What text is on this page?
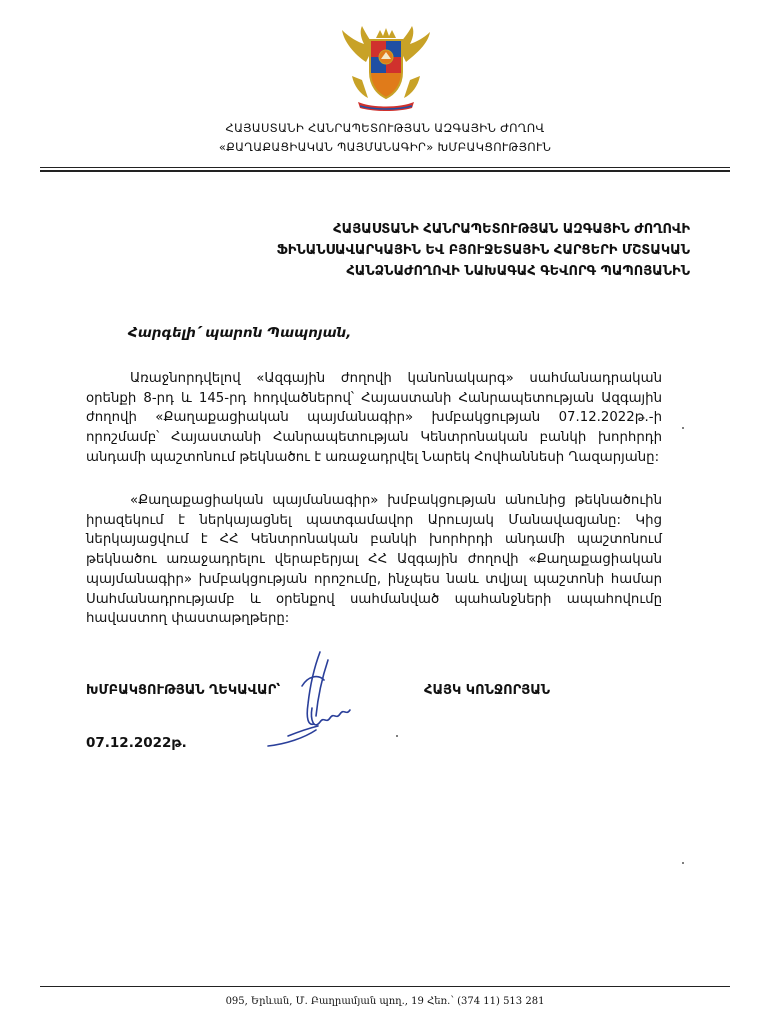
ՀԱՅԱՍՏԱՆԻ ՀԱՆՐԱՊԵՏՈՒԹՅԱՆ ԱԶԳԱՅԻՆ ԺՈՂՈՎ
«ՔԱՂԱՔԱՑԻԱԿԱՆ ՊԱՅՄԱՆԱԳԻՐ» ԽՄԲԱԿՑՈՒԹՅՈՒՆ
ՀԱՅԱՍՏԱՆԻ ՀԱՆՐԱՊԵՏՈՒԹՅԱՆ ԱԶԳԱՅԻՆ ԺՈՂՈՎԻ
ՖԻՆԱՆՍԱՎԱՐԿԱՅԻՆ ԵՎ ԲՅՈՒՋԵՏԱՅԻՆ ՀԱՐՑԵՐԻ ՄՇՏԱԿԱՆ
ՀԱՆՁՆԱԺՈՂՈՎԻ ՆԱԽԱԳԱՀ ԳԵՎՈՐԳ ՊԱՊՈՅԱՆԻՆ
Հարգելի՛ պարոն Պապոյան,
Առաջնորդվելով «Ազգային ժողովի կանոնակարգ» սահմանադրական օրենքի 8-րդ և 145-րդ հոդվածներով՝ Հայաստանի Հանրապետության Ազգային ժողովի «Քաղաքացիական պայմանագիր» խմբակցության 07.12.2022թ.-ի որոշմամբ՝ Հայաստանի Հանրապետության Կենտրոնական բանկի խորհրդի անդամի պաշտոնում թեկնածու է առաջադրվել Նարեկ Հովհաննեսի Ղազարյանը:
«Քաղաքացիական պայմանագիր» խմբակցության անունից թեկնածուին իրազեկում է ներկայացնել պատգամավոր Արուսյակ Մանավազյանը: Կից ներկայացվում է ՀՀ Կենտրոնական բանկի խորհրդի անդամի պաշտոնում թեկնածու առաջադրելու վերաբերյալ ՀՀ Ազգային ժողովի «Քաղաքացիական պայմանագիր» խմբակցության որոշումը, ինչպես նաև տվյալ պաշտոնի համար Սահմանադրությամբ և օրենքով սահմանված պահանջների ապահովումը հավաստող փաստաթղթերը:
ԽՄԲԱԿՑՈՒԹՅԱՆ ՂԵԿԱՎԱՐ՝	ՀԱՅԿ ԿՈՆՋՈՐՅԱՆ
07.12.2022թ.
095, Երևան, Մ. Բաղրամյան պող., 19 Հեռ.՝ (374 11) 513 281
